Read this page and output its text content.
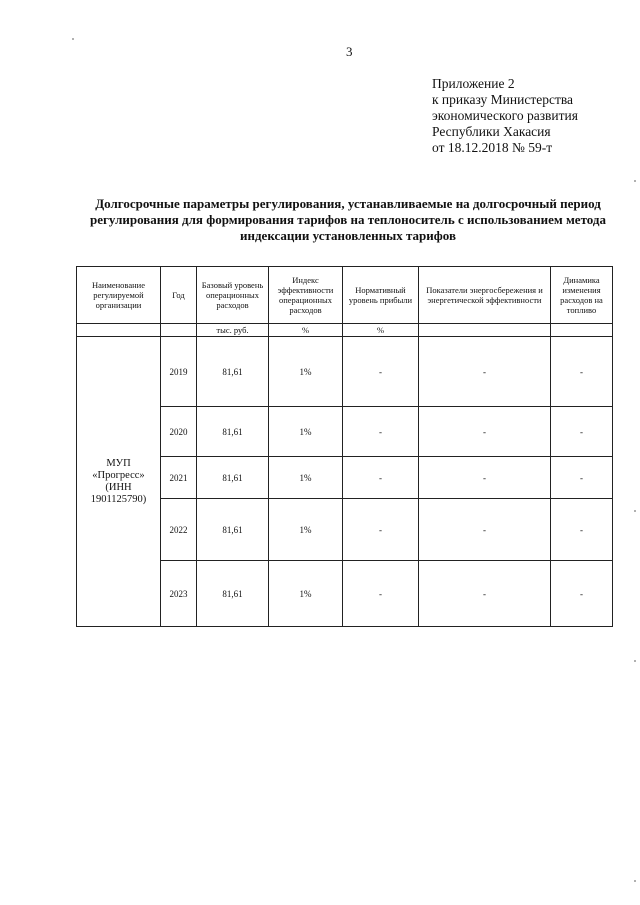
3
Приложение 2
к приказу Министерства
экономического развития
Республики Хакасия
от 18.12.2018 № 59-т
Долгосрочные параметры регулирования, устанавливаемые на долгосрочный период регулирования для формирования тарифов на теплоноситель с использованием метода индексации установленных тарифов
Наименование регулируемой организации	Год	Базовый уровень операционных расходов	Индекс эффективности операционных расходов	Нормативный уровень прибыли	Показатели энергосбережения и энергетической эффективности	Динамика изменения расходов на топливо
		тыс. руб.	%	%		
МУП «Прогресс» (ИНН 1901125790)	2019	81,61	1%	-	-	-
	2020	81,61	1%	-	-	-
	2021	81,61	1%	-	-	-
	2022	81,61	1%	-	-	-
	2023	81,61	1%	-	-	-
